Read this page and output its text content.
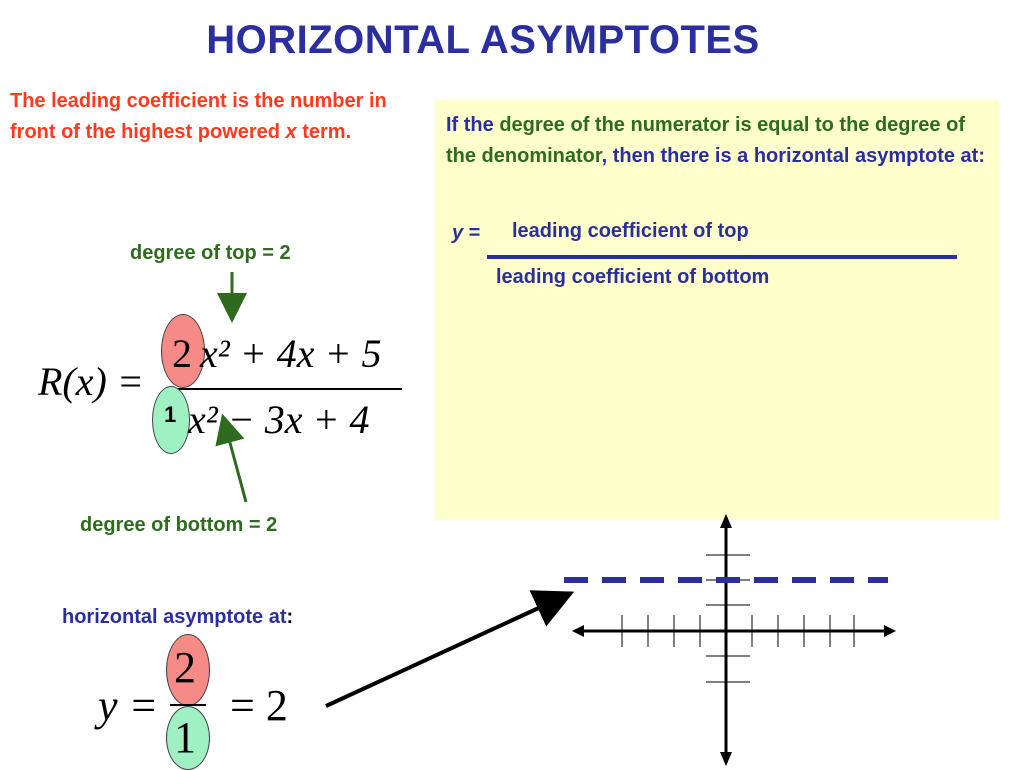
HORIZONTAL ASYMPTOTES
The leading coefficient is the number in front of the highest powered x term.	If the degree of the numerator is equal to the degree of the denominator, then there is a horizontal asymptote at:
y = leading coefficient of top
leading coefficient of bottom
degree of top = 2
degree of bottom = 2
R(x) =
2 x² + 4x + 5
1 x² − 3x + 4
horizontal asymptote at:
y =
2
1
= 2
